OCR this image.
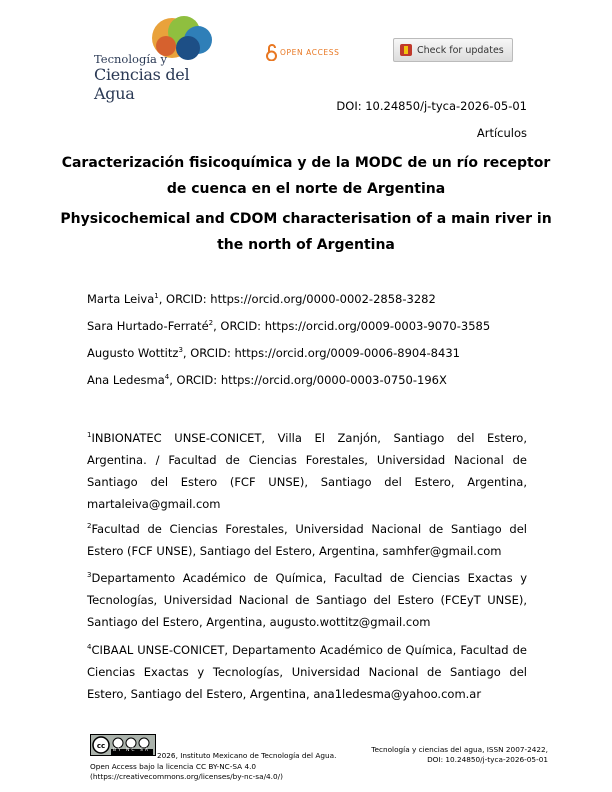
Tecnología y
Ciencias del Agua
OPEN ACCESS	Check for updates
DOI: 10.24850/j-tyca-2026-05-01
Artículos
Caracterización fisicoquímica y de la MODC de un río receptor de cuenca en el norte de Argentina
Physicochemical and CDOM characterisation of a main river in the north of Argentina
Marta Leiva$^1$, ORCID: https://orcid.org/0000-0002-2858-3282
Sara Hurtado-Ferraté$^2$, ORCID: https://orcid.org/0009-0003-9070-3585
Augusto Wottitz$^3$, ORCID: https://orcid.org/0009-0006-8904-8431
Ana Ledesma$^4$, ORCID: https://orcid.org/0000-0003-0750-196X
$^1$INBIONATEC UNSE-CONICET, Villa El Zanjón, Santiago del Estero, Argentina. / Facultad de Ciencias Forestales, Universidad Nacional de Santiago del Estero (FCF UNSE), Santiago del Estero, Argentina, martaleiva@gmail.com
$^2$Facultad de Ciencias Forestales, Universidad Nacional de Santiago del Estero (FCF UNSE), Santiago del Estero, Argentina, samhfer@gmail.com
$^3$Departamento Académico de Química, Facultad de Ciencias Exactas y Tecnologías, Universidad Nacional de Santiago del Estero (FCEyT UNSE), Santiago del Estero, Argentina, augusto.wottitz@gmail.com
$^4$CIBAAL UNSE-CONICET, Departamento Académico de Química, Facultad de Ciencias Exactas y Tecnologías, Universidad Nacional de Santiago del Estero, Santiago del Estero, Argentina, ana1ledesma@yahoo.com.ar
cc
BY NC SA
2026, Instituto Mexicano de Tecnología del Agua.
Open Access bajo la licencia CC BY-NC-SA 4.0
(https://creativecommons.org/licenses/by-nc-sa/4.0/)
Tecnología y ciencias del agua, ISSN 2007-2422,
DOI: 10.24850/j-tyca-2026-05-01
